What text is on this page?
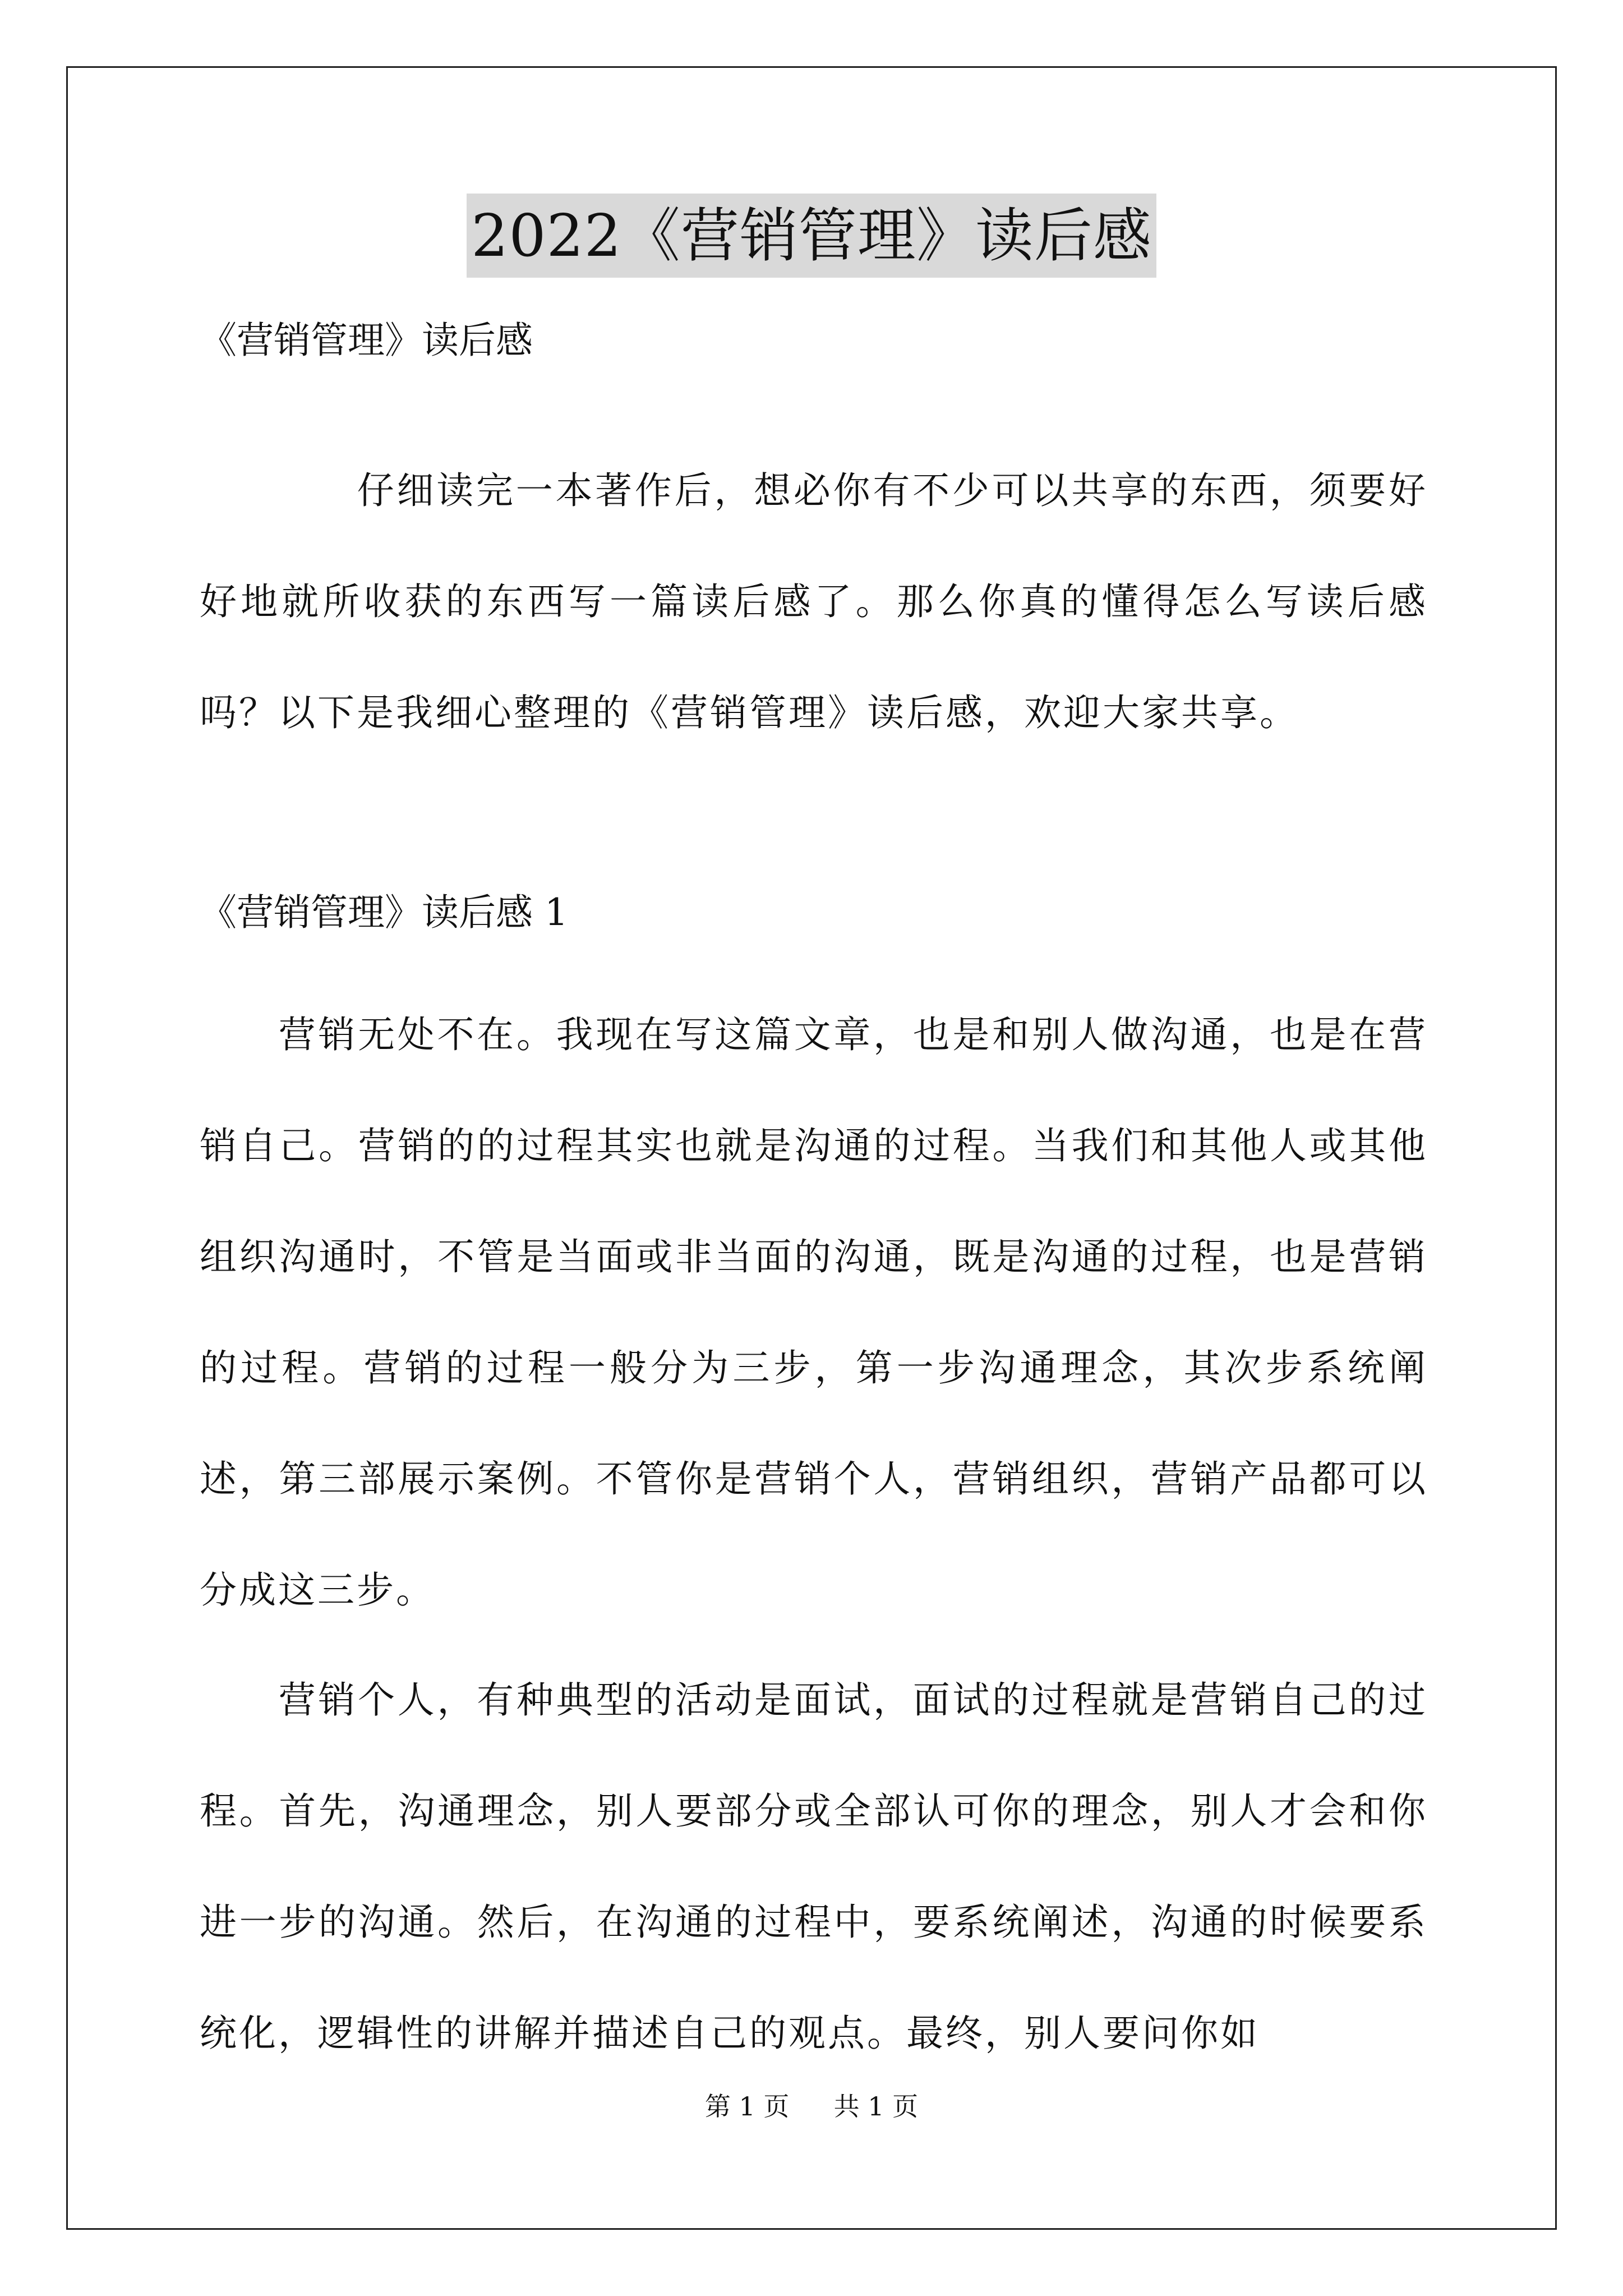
2022《营销管理》读后感
《营销管理》读后感
仔细读完一本著作后，想必你有不少可以共享的东西，须要好好地就所收获的东西写一篇读后感了。那么你真的懂得怎么写读后感吗？以下是我细心整理的《营销管理》读后感，欢迎大家共享。
《营销管理》读后感 1
营销无处不在。我现在写这篇文章，也是和别人做沟通，也是在营销自己。营销的的过程其实也就是沟通的过程。当我们和其他人或其他组织沟通时，不管是当面或非当面的沟通，既是沟通的过程，也是营销的过程。营销的过程一般分为三步，第一步沟通理念，其次步系统阐述，第三部展示案例。不管你是营销个人，营销组织，营销产品都可以分成这三步。
营销个人，有种典型的活动是面试，面试的过程就是营销自己的过程。首先，沟通理念，别人要部分或全部认可你的理念，别人才会和你进一步的沟通。然后，在沟通的过程中，要系统阐述，沟通的时候要系统化，逻辑性的讲解并描述自己的观点。最终，别人要问你如
第 1 页 共 1 页
